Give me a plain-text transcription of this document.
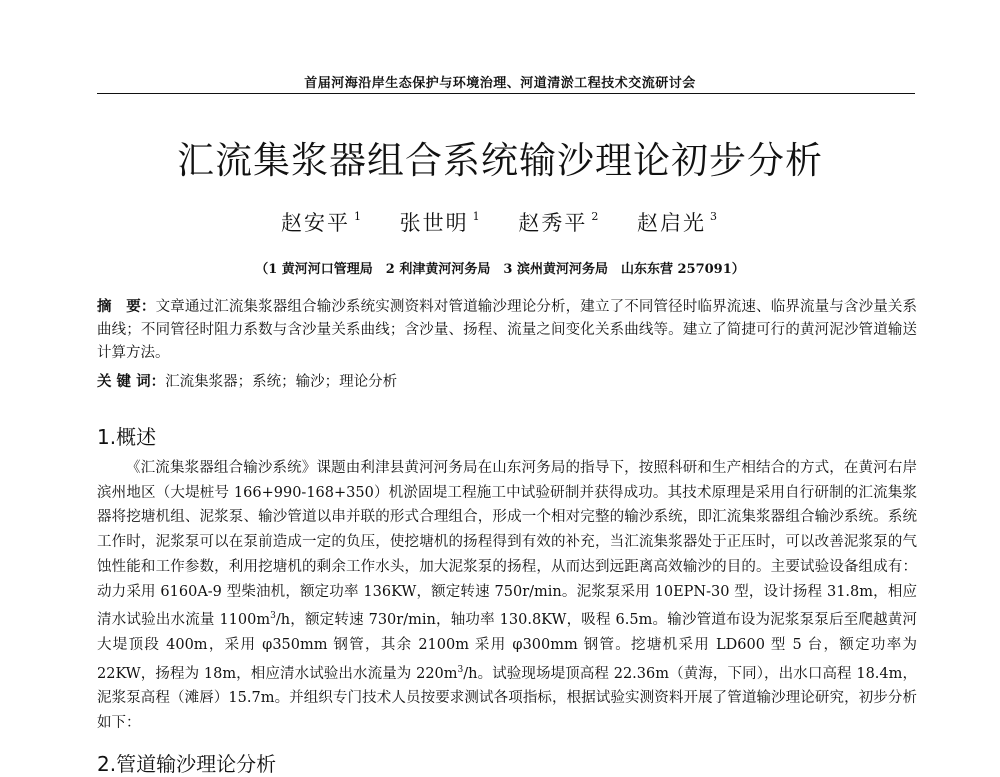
首届河海沿岸生态保护与环境治理、河道清淤工程技术交流研讨会
汇流集浆器组合系统输沙理论初步分析
赵安平 $^1$ 张世明 $^1$ 赵秀平 $^2$ 赵启光 $^3$
（1 黄河河口管理局　2 利津黄河河务局　3 滨州黄河河务局　山东东营 257091）
摘　要：文章通过汇流集浆器组合输沙系统实测资料对管道输沙理论分析，建立了不同管径时临界流速、临界流量与含沙量关系曲线；不同管径时阻力系数与含沙量关系曲线；含沙量、扬程、流量之间变化关系曲线等。建立了简捷可行的黄河泥沙管道输送计算方法。
关 键 词：汇流集浆器；系统；输沙；理论分析
1.概述
《汇流集浆器组合输沙系统》课题由利津县黄河河务局在山东河务局的指导下，按照科研和生产相结合的方式，在黄河右岸滨州地区（大堤桩号 166+990-168+350）机淤固堤工程施工中试验研制并获得成功。其技术原理是采用自行研制的汇流集浆器将挖塘机组、泥浆泵、输沙管道以串并联的形式合理组合，形成一个相对完整的输沙系统，即汇流集浆器组合输沙系统。系统工作时，泥浆泵可以在泵前造成一定的负压，使挖塘机的扬程得到有效的补充，当汇流集浆器处于正压时，可以改善泥浆泵的气蚀性能和工作参数，利用挖塘机的剩余工作水头，加大泥浆泵的扬程，从而达到远距离高效输沙的目的。主要试验设备组成有：动力采用 6160A-9 型柴油机，额定功率 136KW，额定转速 750r/min。泥浆泵采用 10EPN-30 型，设计扬程 31.8m，相应清水试验出水流量 $1100m^3/h$，额定转速 730r/min，轴功率 130.8KW，吸程 6.5m。输沙管道布设为泥浆泵泵后至爬越黄河大堤顶段 400m，采用 φ350mm 钢管，其余 2100m 采用 φ300mm 钢管。挖塘机采用 LD600 型 5 台，额定功率为 22KW，扬程为 18m，相应清水试验出水流量为 $220m^3/h$。试验现场堤顶高程 22.36m（黄海，下同），出水口高程 18.4m，泥浆泵高程（滩唇）15.7m。并组织专门技术人员按要求测试各项指标，根据试验实测资料开展了管道输沙理论研究，初步分析如下：
2.管道输沙理论分析
